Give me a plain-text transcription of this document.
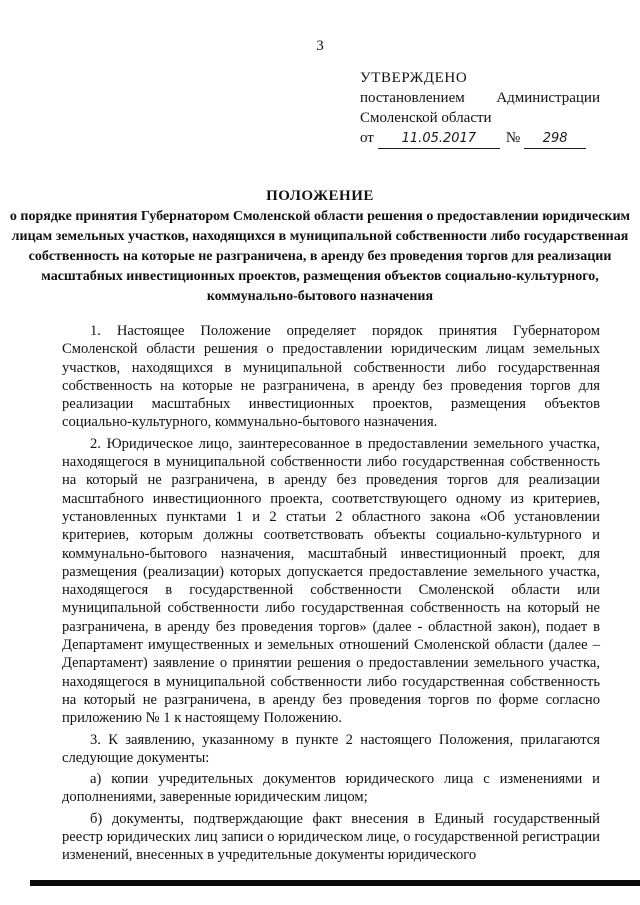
3
УТВЕРЖДЕНО
постановлением Администрации
Смоленской области
от	11.05.2017	№	298
ПОЛОЖЕНИЕ
о порядке принятия Губернатором Смоленской области решения о предоставлении юридическим лицам земельных участков, находящихся в муниципальной собственности либо государственная собственность на которые не разграничена, в аренду без проведения торгов для реализации масштабных инвестиционных проектов, размещения объектов социально-культурного, коммунально-бытового назначения

1. Настоящее Положение определяет порядок принятия Губернатором Смоленской области решения о предоставлении юридическим лицам земельных участков, находящихся в муниципальной собственности либо государственная собственность на которые не разграничена, в аренду без проведения торгов для реализации масштабных инвестиционных проектов, размещения объектов социально-культурного, коммунально-бытового назначения.

2. Юридическое лицо, заинтересованное в предоставлении земельного участка, находящегося в муниципальной собственности либо государственная собственность на который не разграничена, в аренду без проведения торгов для реализации масштабного инвестиционного проекта, соответствующего одному из критериев, установленных пунктами 1 и 2 статьи 2 областного закона «Об установлении критериев, которым должны соответствовать объекты социально-культурного и коммунально-бытового назначения, масштабный инвестиционный проект, для размещения (реализации) которых допускается предоставление земельного участка, находящегося в государственной собственности Смоленской области или муниципальной собственности либо государственная собственность на который не разграничена, в аренду без проведения торгов» (далее - областной закон), подает в Департамент имущественных и земельных отношений Смоленской области (далее – Департамент) заявление о принятии решения о предоставлении земельного участка, находящегося в муниципальной собственности либо государственная собственность на который не разграничена, в аренду без проведения торгов по форме согласно приложению № 1 к настоящему Положению.

3. К заявлению, указанному в пункте 2 настоящего Положения, прилагаются следующие документы:

а) копии учредительных документов юридического лица с изменениями и дополнениями, заверенные юридическим лицом;

б) документы, подтверждающие факт внесения в Единый государственный реестр юридических лиц записи о юридическом лице, о государственной регистрации изменений, внесенных в учредительные документы юридического
